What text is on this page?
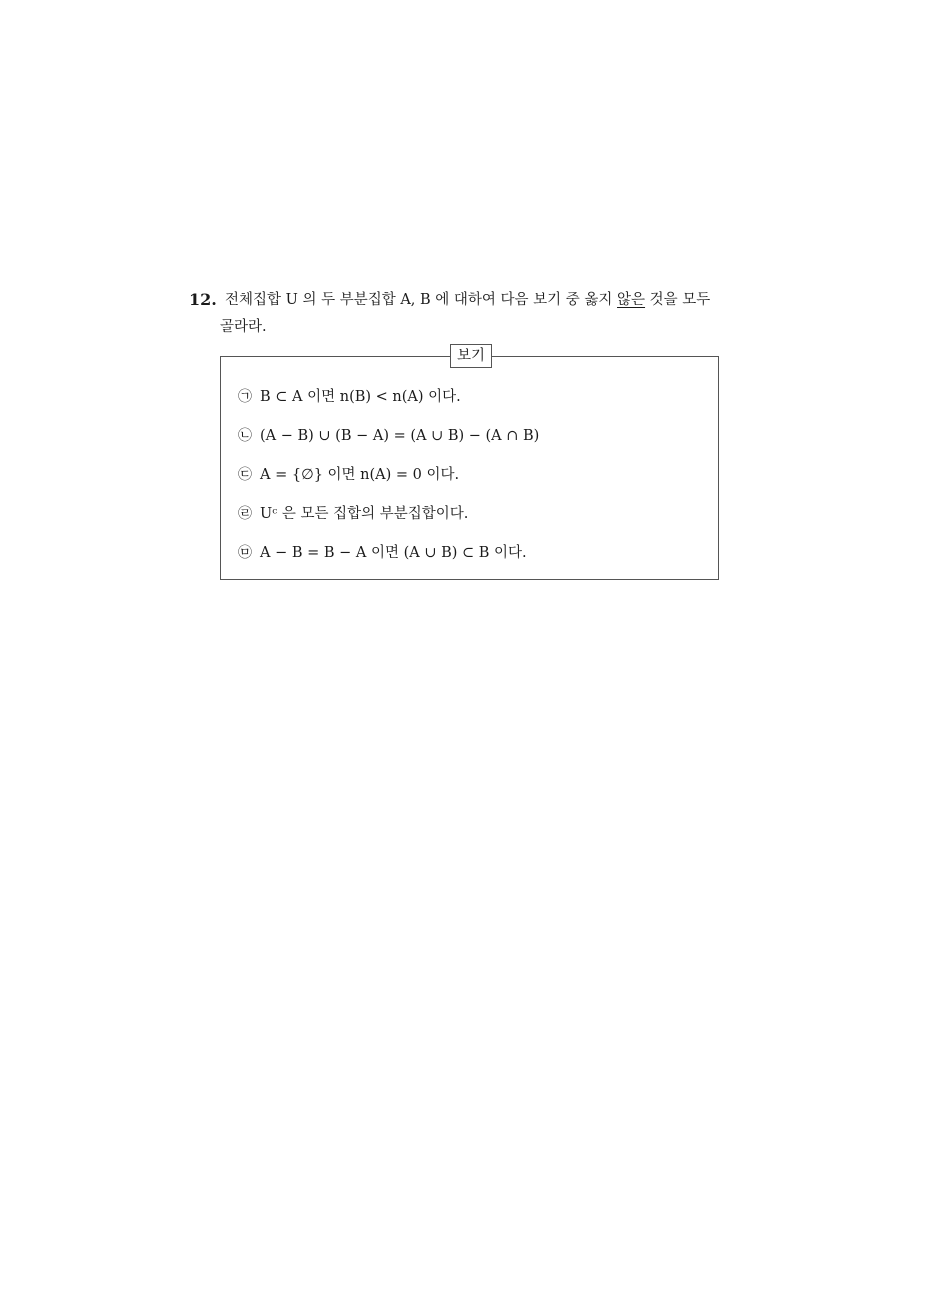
12. 전체집합 U 의 두 부분집합 A, B 에 대하여 다음 보기 중 옳지 않은 것을 모두
골라라.
보기
㉠ B ⊂ A 이면 n(B) < n(A) 이다.
㉡ (A − B) ∪ (B − A) = (A ∪ B) − (A ∩ B)
㉢ A = {∅} 이면 n(A) = 0 이다.
㉣ Uᶜ 은 모든 집합의 부분집합이다.
㉤ A − B = B − A 이면 (A ∪ B) ⊂ B 이다.
